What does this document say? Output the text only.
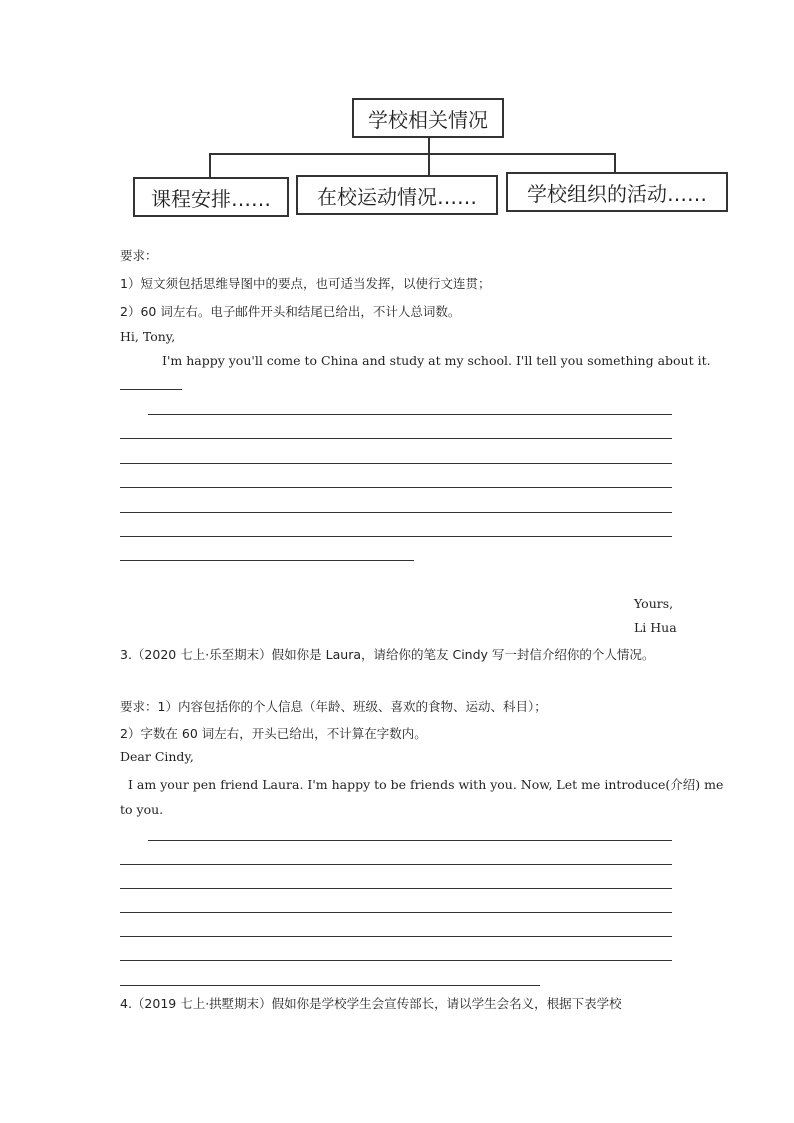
学校相关情况
课程安排…… 在校运动情况……	学校组织的活动……
要求：
1）短文须包括思维导图中的要点，也可适当发挥，以使行文连贯；
2）60 词左右。电子邮件开头和结尾已给出，不计人总词数。
Hi, Tony,
I'm happy you'll come to China and study at my school. I'll tell you something about it.
Yours,
Li Hua
3.（2020 七上·乐至期末）假如你是 Laura，请给你的笔友 Cindy 写一封信介绍你的个人情况。
要求：1）内容包括你的个人信息（年龄、班级、喜欢的食物、运动、科目）；
2）字数在 60 词左右，开头已给出，不计算在字数内。
Dear Cindy,
I am your pen friend Laura. I'm happy to be friends with you. Now, Let me introduce(介绍) me
to you.
4.（2019 七上·拱墅期末）假如你是学校学生会宣传部长，请以学生会名义，根据下表学校
